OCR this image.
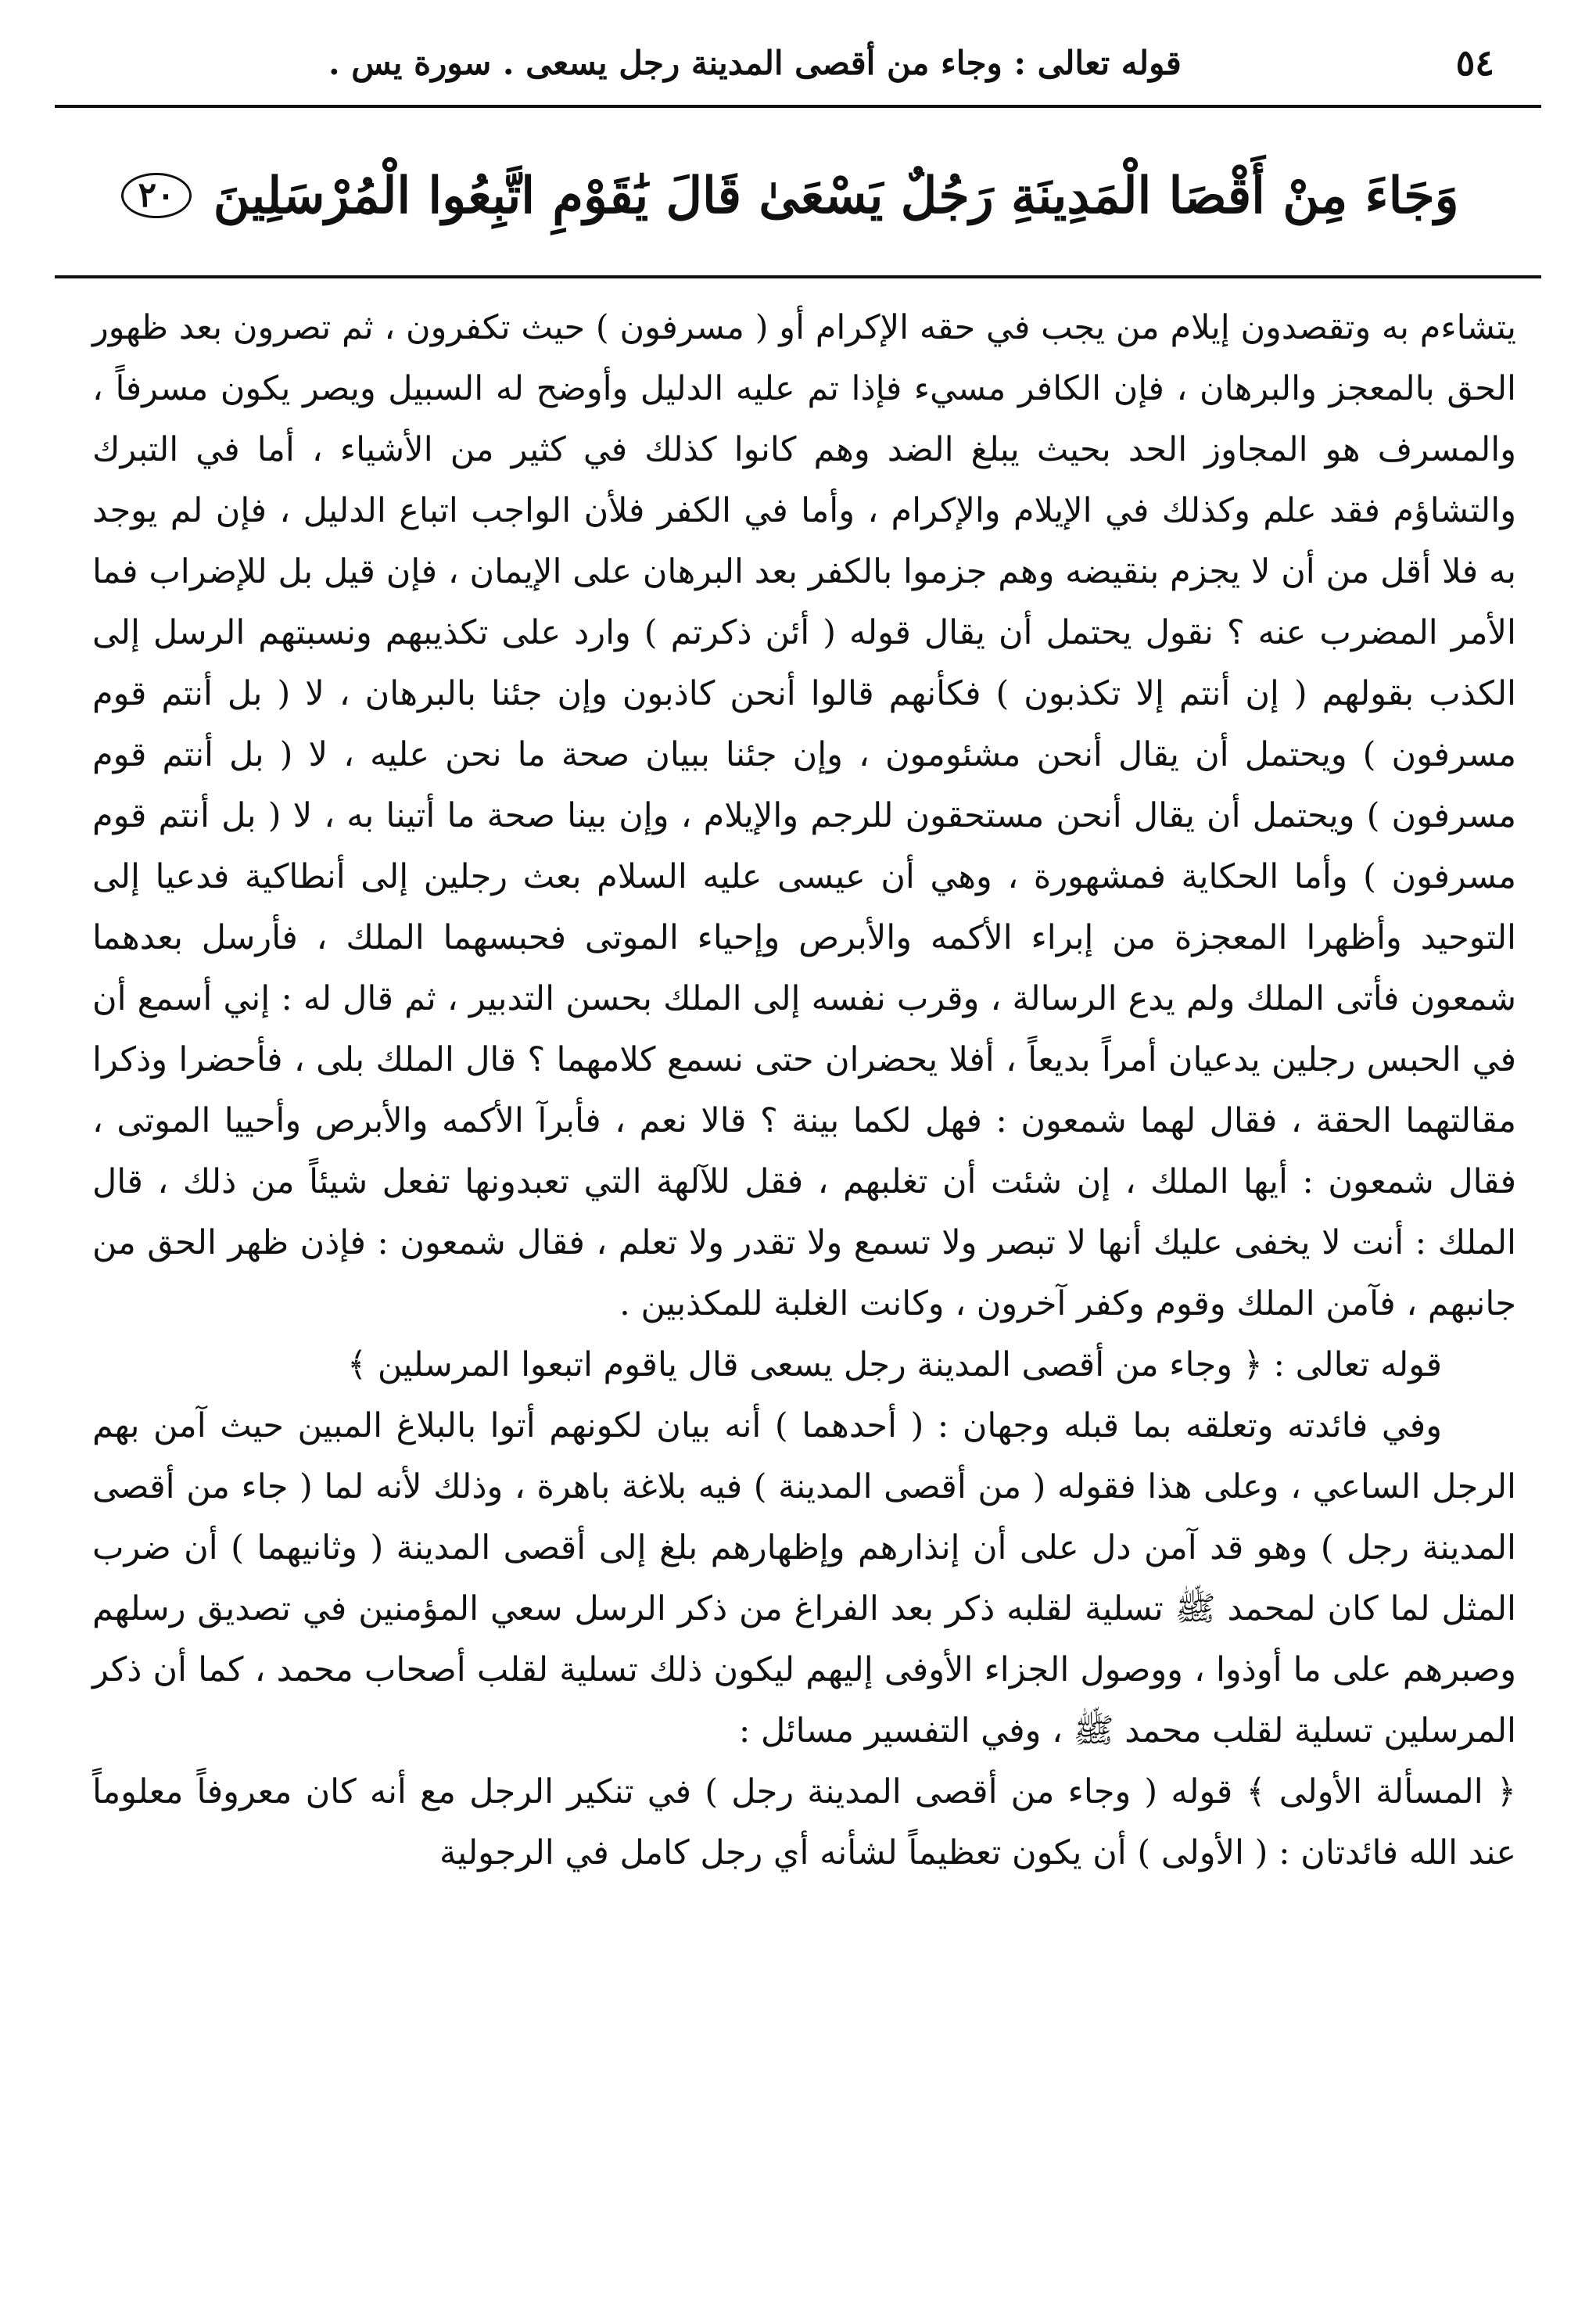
٥٤
قوله تعالى : وجاء من أقصى المدينة رجل يسعى . سورة يس .
وَجَاءَ مِنْ أَقْصَا الْمَدِينَةِ رَجُلٌ يَسْعَىٰ قَالَ يَٰقَوْمِ اتَّبِعُوا الْمُرْسَلِينَ
٢٠

يتشاءم به وتقصدون إيلام من يجب في حقه الإكرام أو ( مسرفون ) حيث تكفرون ، ثم تصرون بعد ظهور الحق بالمعجز والبرهان ، فإن الكافر مسيء فإذا تم عليه الدليل وأوضح له السبيل ويصر يكون مسرفاً ، والمسرف هو المجاوز الحد بحيث يبلغ الضد وهم كانوا كذلك في كثير من الأشياء ، أما في التبرك والتشاؤم فقد علم وكذلك في الإيلام والإكرام ، وأما في الكفر فلأن الواجب اتباع الدليل ، فإن لم يوجد به فلا أقل من أن لا يجزم بنقيضه وهم جزموا بالكفر بعد البرهان على الإيمان ، فإن قيل بل للإضراب فما الأمر المضرب عنه ؟ نقول يحتمل أن يقال قوله ( أئن ذكرتم ) وارد على تكذيبهم ونسبتهم الرسل إلى الكذب بقولهم ( إن أنتم إلا تكذبون ) فكأنهم قالوا أنحن كاذبون وإن جئنا بالبرهان ، لا ( بل أنتم قوم مسرفون ) ويحتمل أن يقال أنحن مشئومون ، وإن جئنا ببيان صحة ما نحن عليه ، لا ( بل أنتم قوم مسرفون ) ويحتمل أن يقال أنحن مستحقون للرجم والإيلام ، وإن بينا صحة ما أتينا به ، لا ( بل أنتم قوم مسرفون ) وأما الحكاية فمشهورة ، وهي أن عيسى عليه السلام بعث رجلين إلى أنطاكية فدعيا إلى التوحيد وأظهرا المعجزة من إبراء الأكمه والأبرص وإحياء الموتى فحبسهما الملك ، فأرسل بعدهما شمعون فأتى الملك ولم يدع الرسالة ، وقرب نفسه إلى الملك بحسن التدبير ، ثم قال له : إني أسمع أن في الحبس رجلين يدعيان أمراً بديعاً ، أفلا يحضران حتى نسمع كلامهما ؟ قال الملك بلى ، فأحضرا وذكرا مقالتهما الحقة ، فقال لهما شمعون : فهل لكما بينة ؟ قالا نعم ، فأبرآ الأكمه والأبرص وأحييا الموتى ، فقال شمعون : أيها الملك ، إن شئت أن تغلبهم ، فقل للآلهة التي تعبدونها تفعل شيئاً من ذلك ، قال الملك : أنت لا يخفى عليك أنها لا تبصر ولا تسمع ولا تقدر ولا تعلم ، فقال شمعون : فإذن ظهر الحق من جانبهم ، فآمن الملك وقوم وكفر آخرون ، وكانت الغلبة للمكذبين .

قوله تعالى : ﴿ وجاء من أقصى المدينة رجل يسعى قال ياقوم اتبعوا المرسلين ﴾

وفي فائدته وتعلقه بما قبله وجهان : ( أحدهما ) أنه بيان لكونهم أتوا بالبلاغ المبين حيث آمن بهم الرجل الساعي ، وعلى هذا فقوله ( من أقصى المدينة ) فيه بلاغة باهرة ، وذلك لأنه لما ( جاء من أقصى المدينة رجل ) وهو قد آمن دل على أن إنذارهم وإظهارهم بلغ إلى أقصى المدينة ( وثانيهما ) أن ضرب المثل لما كان لمحمد ﷺ تسلية لقلبه ذكر بعد الفراغ من ذكر الرسل سعي المؤمنين في تصديق رسلهم وصبرهم على ما أوذوا ، ووصول الجزاء الأوفى إليهم ليكون ذلك تسلية لقلب أصحاب محمد ، كما أن ذكر المرسلين تسلية لقلب محمد ﷺ ، وفي التفسير مسائل :

﴿ المسألة الأولى ﴾ قوله ( وجاء من أقصى المدينة رجل ) في تنكير الرجل مع أنه كان معروفاً معلوماً عند الله فائدتان : ( الأولى ) أن يكون تعظيماً لشأنه أي رجل كامل في الرجولية
